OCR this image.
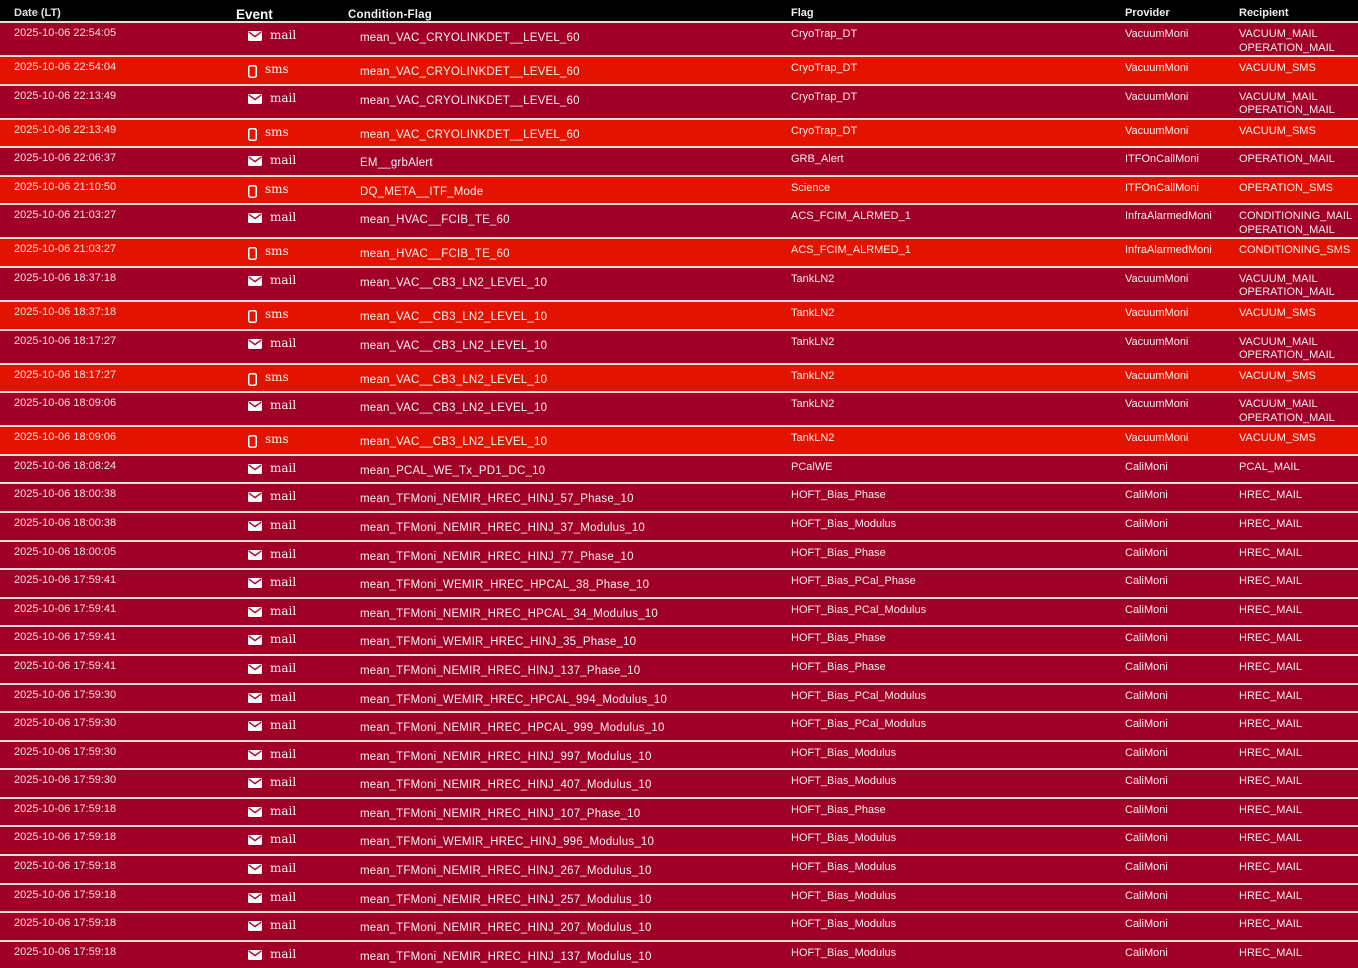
Date (LT)	Event	Condition-Flag	Flag	Provider	Recipient
2025-10-06 22:54:05	mail	mean_VAC_CRYOLINKDET__LEVEL_60	CryoTrap_DT	VacuumMoni	VACUUM_MAIL
OPERATION_MAIL
2025-10-06 22:54:04	sms	mean_VAC_CRYOLINKDET__LEVEL_60	CryoTrap_DT	VacuumMoni	VACUUM_SMS
2025-10-06 22:13:49	mail	mean_VAC_CRYOLINKDET__LEVEL_60	CryoTrap_DT	VacuumMoni	VACUUM_MAIL
OPERATION_MAIL
2025-10-06 22:13:49	sms	mean_VAC_CRYOLINKDET__LEVEL_60	CryoTrap_DT	VacuumMoni	VACUUM_SMS
2025-10-06 22:06:37	mail	EM__grbAlert	GRB_Alert	ITFOnCallMoni	OPERATION_MAIL
2025-10-06 21:10:50	sms	DQ_META__ITF_Mode	Science	ITFOnCallMoni	OPERATION_SMS
2025-10-06 21:03:27	mail	mean_HVAC__FCIB_TE_60	ACS_FCIM_ALRMED_1	InfraAlarmedMoni	CONDITIONING_MAIL
OPERATION_MAIL
2025-10-06 21:03:27	sms	mean_HVAC__FCIB_TE_60	ACS_FCIM_ALRMED_1	InfraAlarmedMoni	CONDITIONING_SMS
2025-10-06 18:37:18	mail	mean_VAC__CB3_LN2_LEVEL_10	TankLN2	VacuumMoni	VACUUM_MAIL
OPERATION_MAIL
2025-10-06 18:37:18	sms	mean_VAC__CB3_LN2_LEVEL_10	TankLN2	VacuumMoni	VACUUM_SMS
2025-10-06 18:17:27	mail	mean_VAC__CB3_LN2_LEVEL_10	TankLN2	VacuumMoni	VACUUM_MAIL
OPERATION_MAIL
2025-10-06 18:17:27	sms	mean_VAC__CB3_LN2_LEVEL_10	TankLN2	VacuumMoni	VACUUM_SMS
2025-10-06 18:09:06	mail	mean_VAC__CB3_LN2_LEVEL_10	TankLN2	VacuumMoni	VACUUM_MAIL
OPERATION_MAIL
2025-10-06 18:09:06	sms	mean_VAC__CB3_LN2_LEVEL_10	TankLN2	VacuumMoni	VACUUM_SMS
2025-10-06 18:08:24	mail	mean_PCAL_WE_Tx_PD1_DC_10	PCalWE	CaliMoni	PCAL_MAIL
2025-10-06 18:00:38	mail	mean_TFMoni_NEMIR_HREC_HINJ_57_Phase_10	HOFT_Bias_Phase	CaliMoni	HREC_MAIL
2025-10-06 18:00:38	mail	mean_TFMoni_NEMIR_HREC_HINJ_37_Modulus_10	HOFT_Bias_Modulus	CaliMoni	HREC_MAIL
2025-10-06 18:00:05	mail	mean_TFMoni_NEMIR_HREC_HINJ_77_Phase_10	HOFT_Bias_Phase	CaliMoni	HREC_MAIL
2025-10-06 17:59:41	mail	mean_TFMoni_WEMIR_HREC_HPCAL_38_Phase_10	HOFT_Bias_PCal_Phase	CaliMoni	HREC_MAIL
2025-10-06 17:59:41	mail	mean_TFMoni_NEMIR_HREC_HPCAL_34_Modulus_10	HOFT_Bias_PCal_Modulus	CaliMoni	HREC_MAIL
2025-10-06 17:59:41	mail	mean_TFMoni_WEMIR_HREC_HINJ_35_Phase_10	HOFT_Bias_Phase	CaliMoni	HREC_MAIL
2025-10-06 17:59:41	mail	mean_TFMoni_NEMIR_HREC_HINJ_137_Phase_10	HOFT_Bias_Phase	CaliMoni	HREC_MAIL
2025-10-06 17:59:30	mail	mean_TFMoni_WEMIR_HREC_HPCAL_994_Modulus_10	HOFT_Bias_PCal_Modulus	CaliMoni	HREC_MAIL
2025-10-06 17:59:30	mail	mean_TFMoni_NEMIR_HREC_HPCAL_999_Modulus_10	HOFT_Bias_PCal_Modulus	CaliMoni	HREC_MAIL
2025-10-06 17:59:30	mail	mean_TFMoni_NEMIR_HREC_HINJ_997_Modulus_10	HOFT_Bias_Modulus	CaliMoni	HREC_MAIL
2025-10-06 17:59:30	mail	mean_TFMoni_NEMIR_HREC_HINJ_407_Modulus_10	HOFT_Bias_Modulus	CaliMoni	HREC_MAIL
2025-10-06 17:59:18	mail	mean_TFMoni_NEMIR_HREC_HINJ_107_Phase_10	HOFT_Bias_Phase	CaliMoni	HREC_MAIL
2025-10-06 17:59:18	mail	mean_TFMoni_WEMIR_HREC_HINJ_996_Modulus_10	HOFT_Bias_Modulus	CaliMoni	HREC_MAIL
2025-10-06 17:59:18	mail	mean_TFMoni_NEMIR_HREC_HINJ_267_Modulus_10	HOFT_Bias_Modulus	CaliMoni	HREC_MAIL
2025-10-06 17:59:18	mail	mean_TFMoni_NEMIR_HREC_HINJ_257_Modulus_10	HOFT_Bias_Modulus	CaliMoni	HREC_MAIL
2025-10-06 17:59:18	mail	mean_TFMoni_NEMIR_HREC_HINJ_207_Modulus_10	HOFT_Bias_Modulus	CaliMoni	HREC_MAIL
2025-10-06 17:59:18	mail	mean_TFMoni_NEMIR_HREC_HINJ_137_Modulus_10	HOFT_Bias_Modulus	CaliMoni	HREC_MAIL
